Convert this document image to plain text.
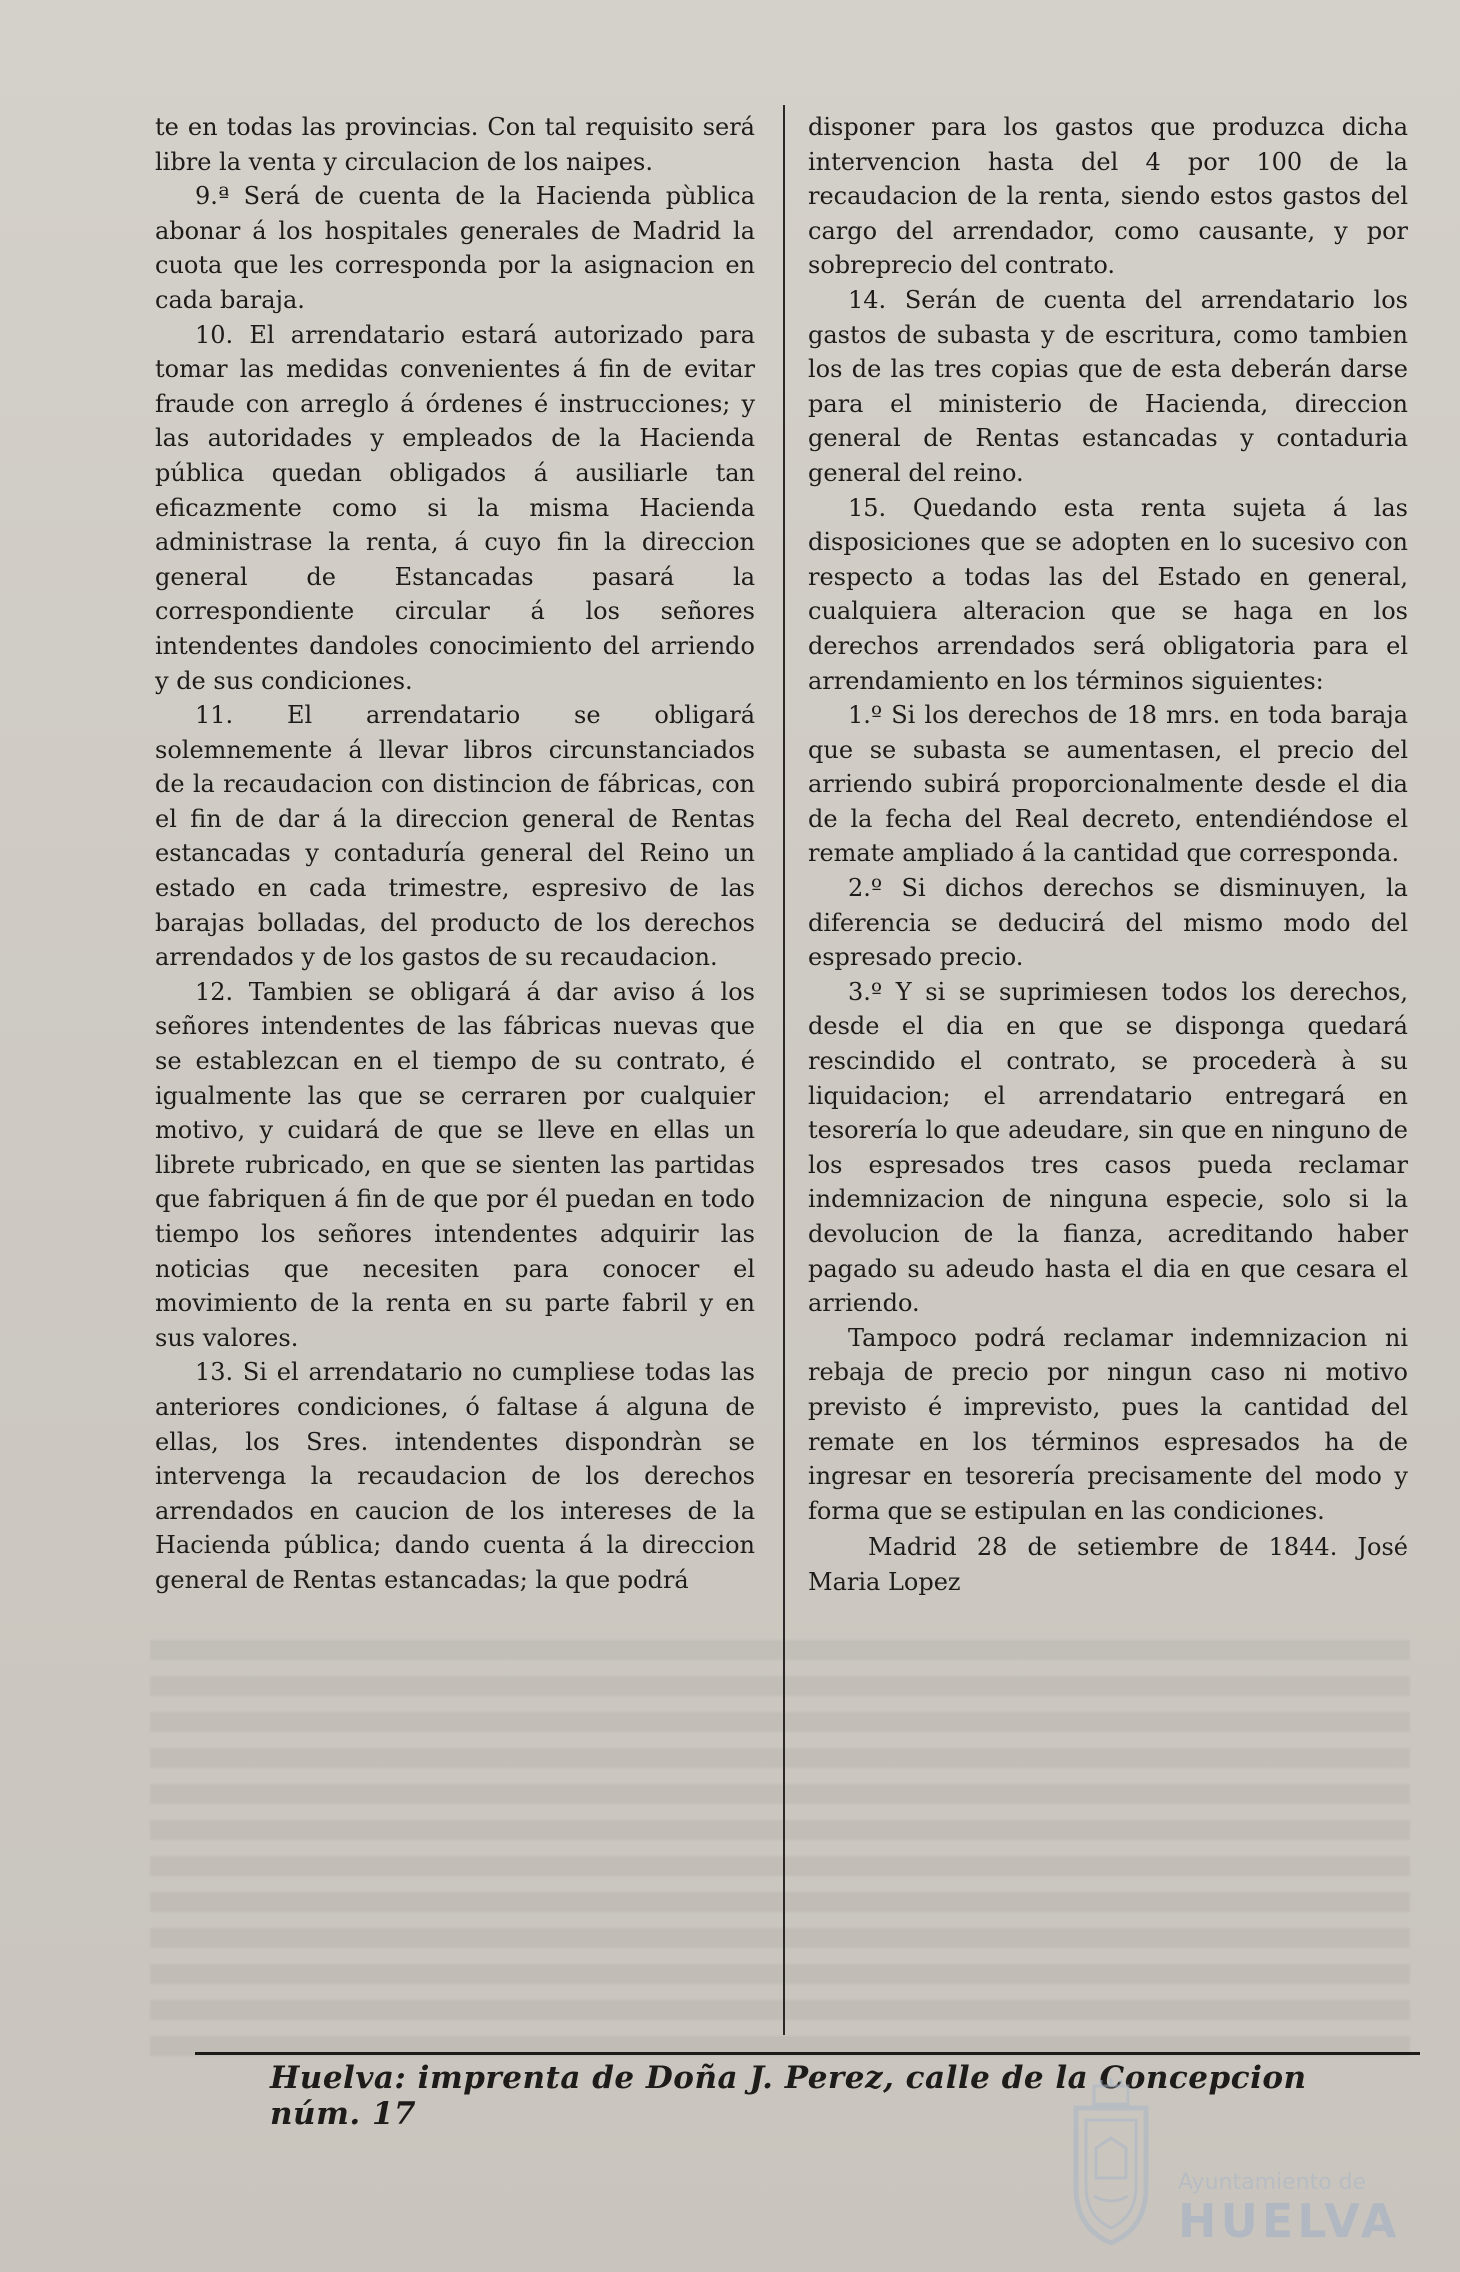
te en todas las provincias. Con tal requisito será libre la venta y circulacion de los naipes.

9.ª Será de cuenta de la Hacienda pùblica abonar á los hospitales generales de Madrid la cuota que les corresponda por la asignacion en cada baraja.

10. El arrendatario estará autorizado para tomar las medidas convenientes á fin de evitar fraude con arreglo á órdenes é instrucciones; y las autoridades y empleados de la Hacienda pública quedan obligados á ausiliarle tan eficazmente como si la misma Hacienda administrase la renta, á cuyo fin la direccion general de Estancadas pasará la correspondiente circular á los señores intendentes dandoles conocimiento del arriendo y de sus condiciones.

11. El arrendatario se obligará solemnemente á llevar libros circunstanciados de la recaudacion con distincion de fábricas, con el fin de dar á la direccion general de Rentas estancadas y contaduría general del Reino un estado en cada trimestre, espresivo de las barajas bolladas, del producto de los derechos arrendados y de los gastos de su recaudacion.

12. Tambien se obligará á dar aviso á los señores intendentes de las fábricas nuevas que se establezcan en el tiempo de su contrato, é igualmente las que se cerraren por cualquier motivo, y cuidará de que se lleve en ellas un librete rubricado, en que se sienten las partidas que fabriquen á fin de que por él puedan en todo tiempo los señores intendentes adquirir las noticias que necesiten para conocer el movimiento de la renta en su parte fabril y en sus valores.

13. Si el arrendatario no cumpliese todas las anteriores condiciones, ó faltase á alguna de ellas, los Sres. intendentes dispondràn se intervenga la recaudacion de los derechos arrendados en caucion de los intereses de la Hacienda pública; dando cuenta á la direccion general de Rentas estancadas; la que podrá

disponer para los gastos que produzca dicha intervencion hasta del 4 por 100 de la recaudacion de la renta, siendo estos gastos del cargo del arrendador, como causante, y por sobreprecio del contrato.

14. Serán de cuenta del arrendatario los gastos de subasta y de escritura, como tambien los de las tres copias que de esta deberán darse para el ministerio de Hacienda, direccion general de Rentas estancadas y contaduria general del reino.

15. Quedando esta renta sujeta á las disposiciones que se adopten en lo sucesivo con respecto a todas las del Estado en general, cualquiera alteracion que se haga en los derechos arrendados será obligatoria para el arrendamiento en los términos siguientes:

1.º Si los derechos de 18 mrs. en toda baraja que se subasta se aumentasen, el precio del arriendo subirá proporcionalmente desde el dia de la fecha del Real decreto, entendiéndose el remate ampliado á la cantidad que corresponda.

2.º Si dichos derechos se disminuyen, la diferencia se deducirá del mismo modo del espresado precio.

3.º Y si se suprimiesen todos los derechos, desde el dia en que se disponga quedará rescindido el contrato, se procederà à su liquidacion; el arrendatario entregará en tesorería lo que adeudare, sin que en ninguno de los espresados tres casos pueda reclamar indemnizacion de ninguna especie, solo si la devolucion de la fianza, acreditando haber pagado su adeudo hasta el dia en que cesara el arriendo.

Tampoco podrá reclamar indemnizacion ni rebaja de precio por ningun caso ni motivo previsto é imprevisto, pues la cantidad del remate en los términos espresados ha de ingresar en tesorería precisamente del modo y forma que se estipulan en las condiciones.

Madrid 28 de setiembre de 1844. José Maria Lopez

Huelva: imprenta de Doña J. Perez, calle de la Concepcion núm. 17
Ayuntamiento de
HUELVA
